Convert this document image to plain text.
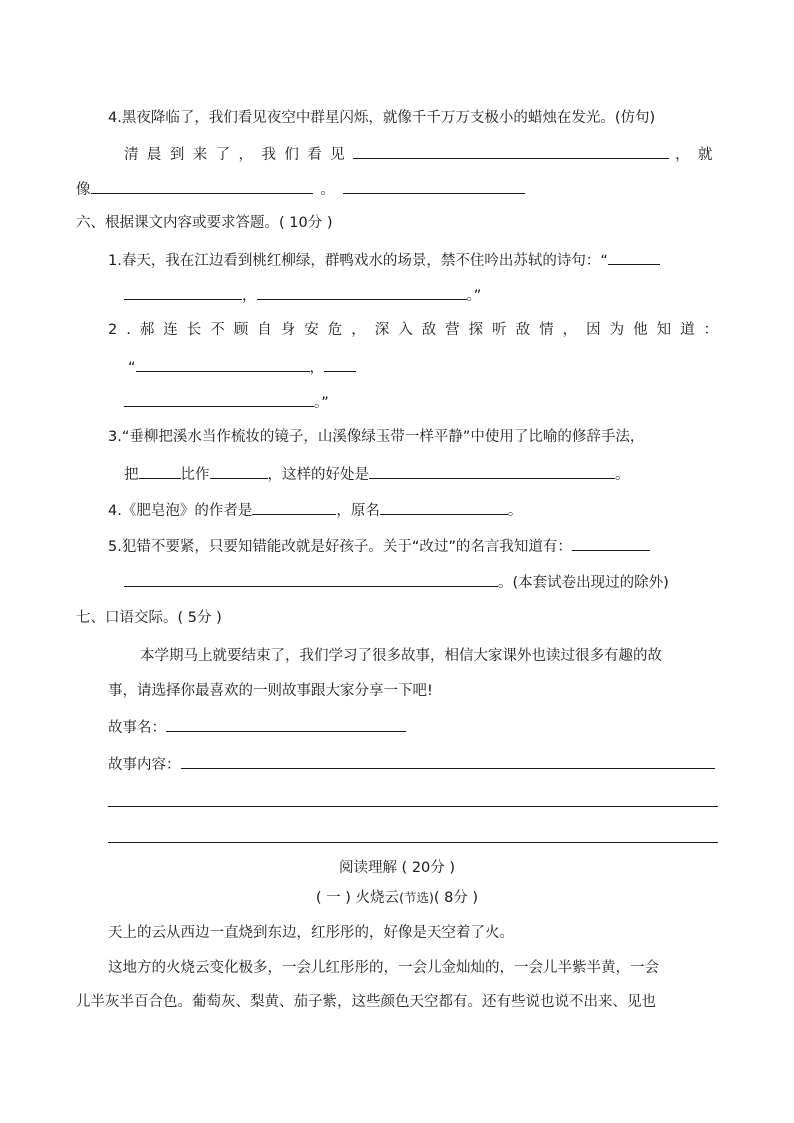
4.黑夜降临了，我们看见夜空中群星闪烁，就像千千万万支极小的蜡烛在发光。(仿句)
清晨到来了，我们看见	，就
像	。
六、根据课文内容或要求答题。( 10分 )
1.春天，我在江边看到桃红柳绿，群鸭戏水的场景，禁不住吟出苏轼的诗句：“
，	。”
2.郝连长不顾自身安危，深入敌营探听敌情，因为他知道：
“	，
。”
3.“垂柳把溪水当作梳妆的镜子，山溪像绿玉带一样平静”中使用了比喻的修辞手法，
把	比作	，这样的好处是	。
4.《肥皂泡》的作者是	，原名	。
5.犯错不要紧，只要知错能改就是好孩子。关于“改过”的名言我知道有：
。(本套试卷出现过的除外)
七、口语交际。( 5分 )
本学期马上就要结束了，我们学习了很多故事，相信大家课外也读过很多有趣的故
事，请选择你最喜欢的一则故事跟大家分享一下吧!
故事名：
故事内容：
阅读理解 ( 20分 )
( 一 ) 火烧云(节选)( 8分 )
天上的云从西边一直烧到东边，红彤彤的，好像是天空着了火。
这地方的火烧云变化极多，一会儿红彤彤的，一会儿金灿灿的，一会儿半紫半黄，一会
儿半灰半百合色。葡萄灰、梨黄、茄子紫，这些颜色天空都有。还有些说也说不出来、见也
